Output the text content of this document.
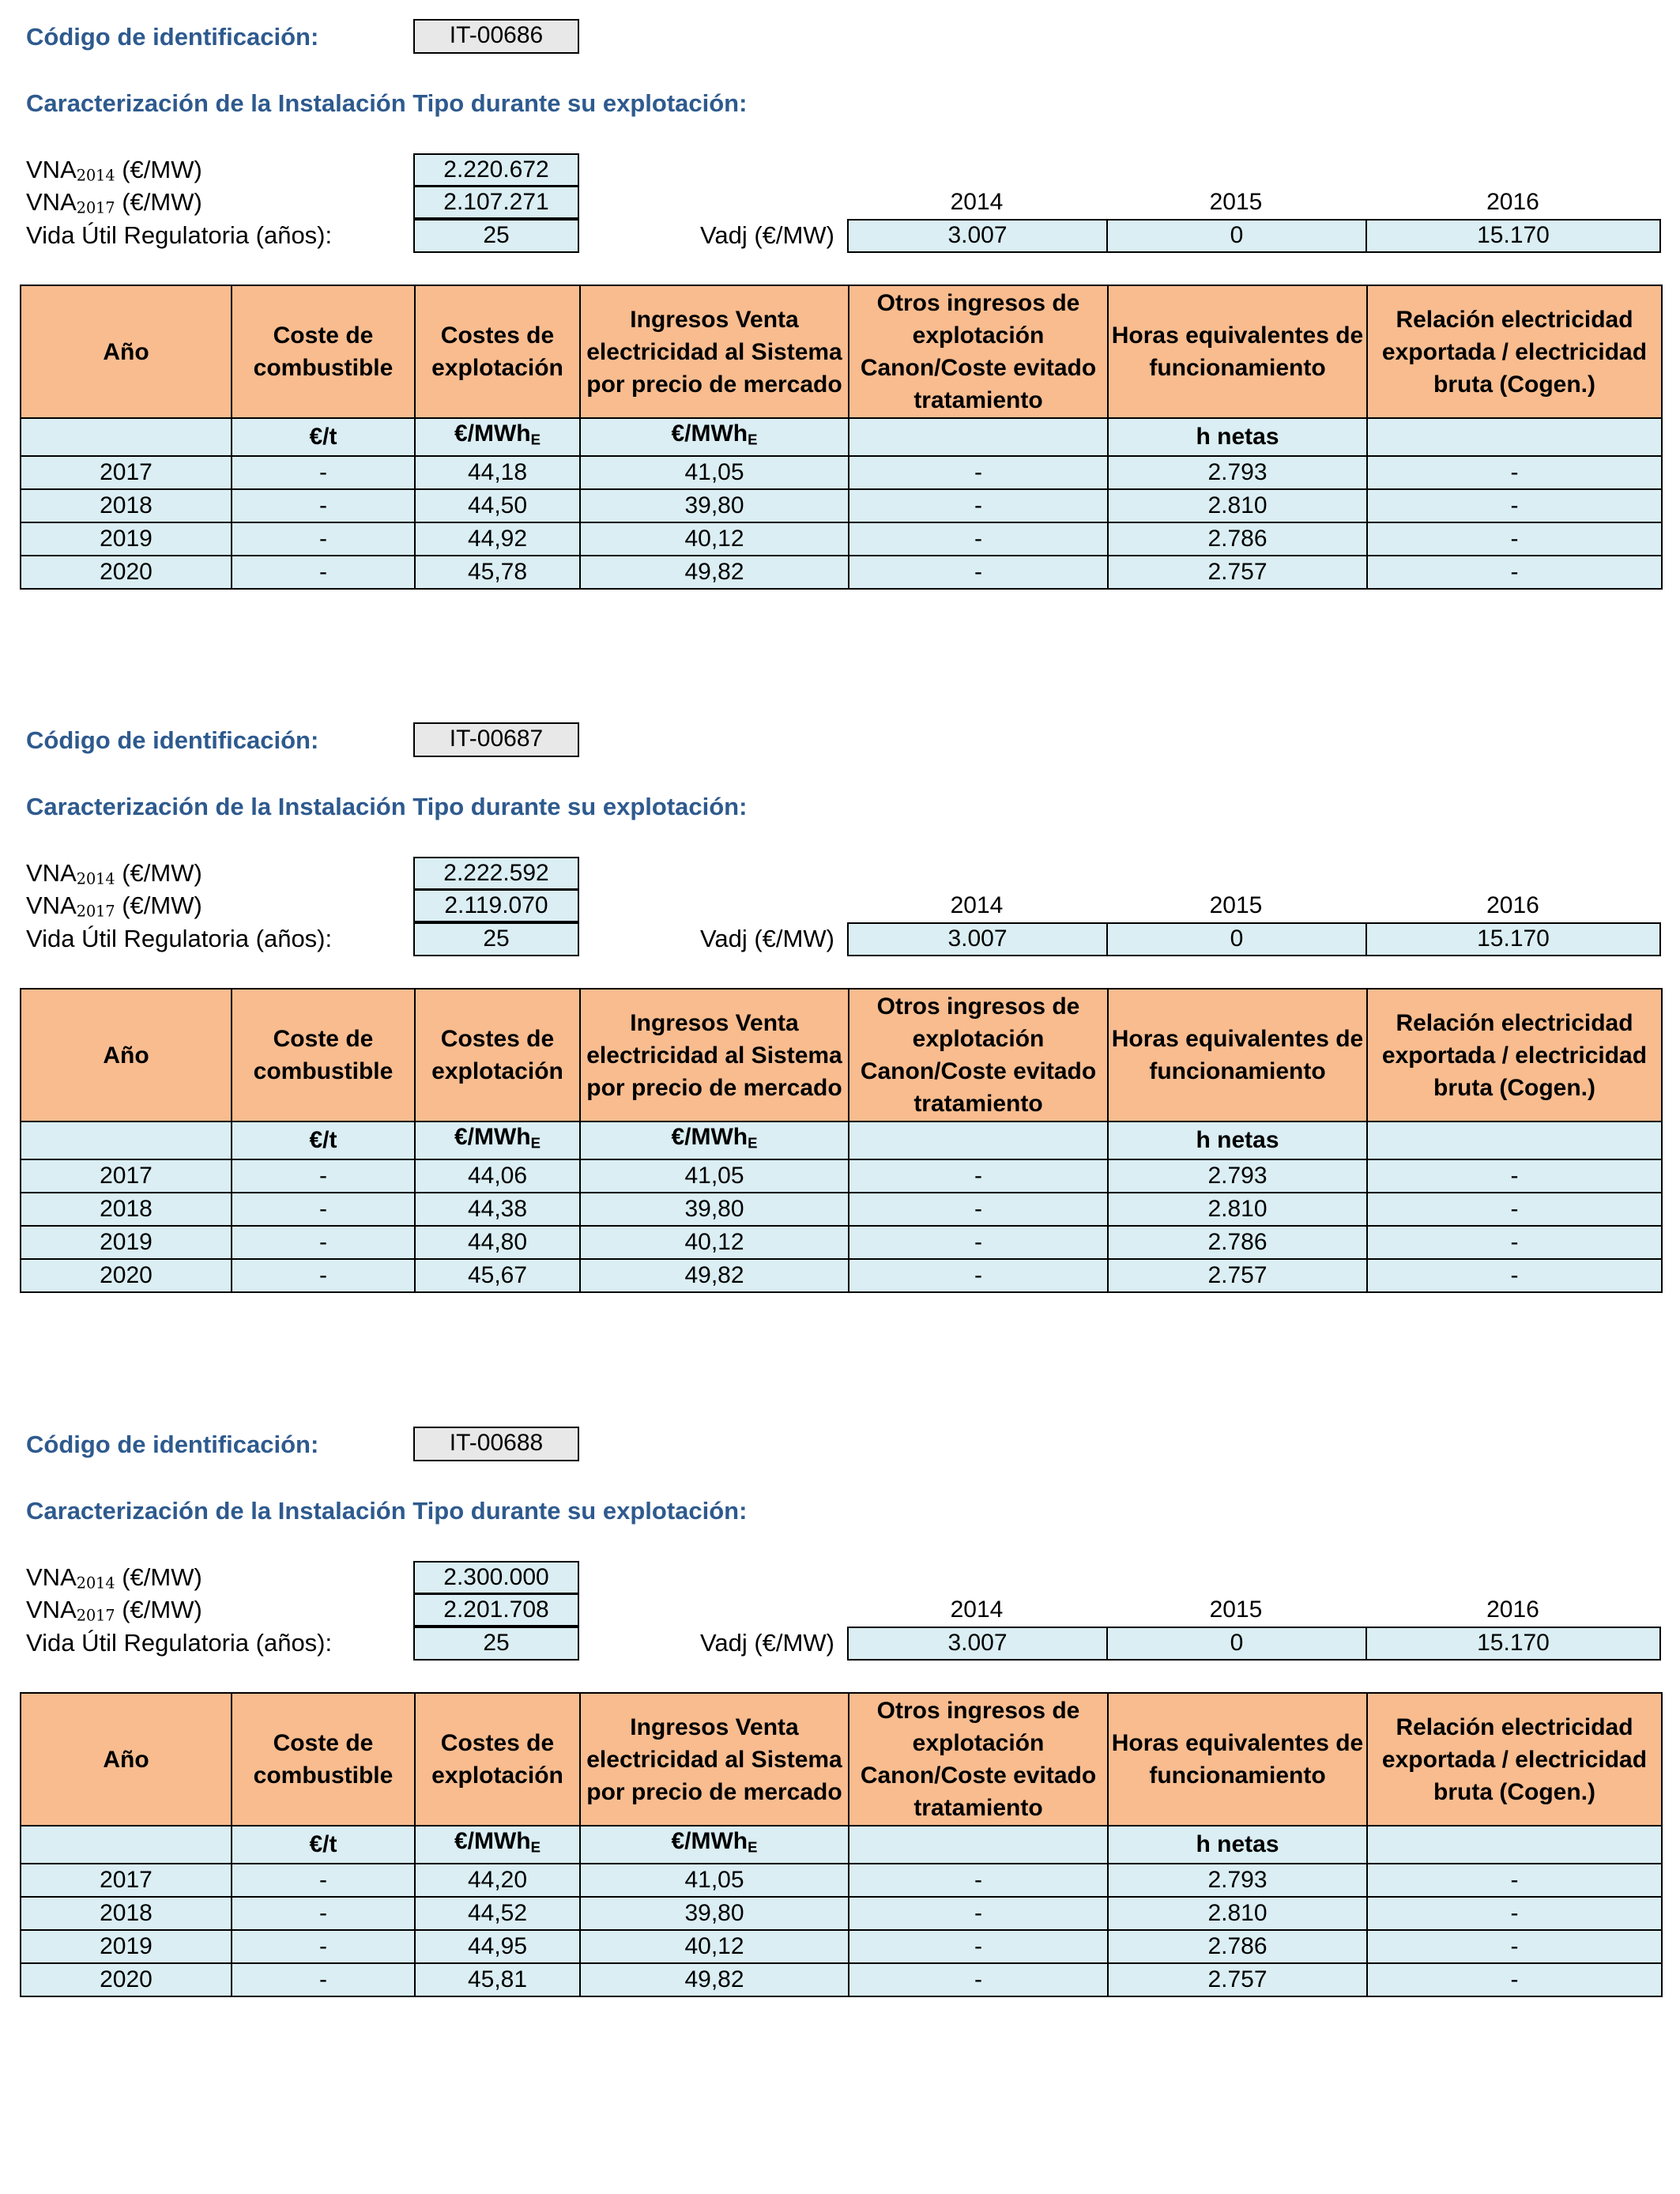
Código de identificación:	IT-00686
Caracterización de la Instalación Tipo durante su explotación:
VNA2014 (€/MW)	2.220.672
VNA2017 (€/MW)	2.107.271
Vida Útil Regulatoria (años):	25
2014	2015	2016
Vadj (€/MW)	3.007	0	15.170
Año	Coste de combustible	Costes de explotación	Ingresos Venta electricidad al Sistema por precio de mercado	Otros ingresos de explotación Canon/Coste evitado tratamiento	Horas equivalentes de funcionamiento	Relación electricidad exportada / electricidad bruta (Cogen.)
	€/t	€/MWhE	€/MWhE		h netas	
2017	-	44,18	41,05	-	2.793	-
2018	-	44,50	39,80	-	2.810	-
2019	-	44,92	40,12	-	2.786	-
2020	-	45,78	49,82	-	2.757	-
Código de identificación:	IT-00687
Caracterización de la Instalación Tipo durante su explotación:
VNA2014 (€/MW)	2.222.592
VNA2017 (€/MW)	2.119.070
Vida Útil Regulatoria (años):	25
2014	2015	2016
Vadj (€/MW)	3.007	0	15.170
Año	Coste de combustible	Costes de explotación	Ingresos Venta electricidad al Sistema por precio de mercado	Otros ingresos de explotación Canon/Coste evitado tratamiento	Horas equivalentes de funcionamiento	Relación electricidad exportada / electricidad bruta (Cogen.)
	€/t	€/MWhE	€/MWhE		h netas	
2017	-	44,06	41,05	-	2.793	-
2018	-	44,38	39,80	-	2.810	-
2019	-	44,80	40,12	-	2.786	-
2020	-	45,67	49,82	-	2.757	-
Código de identificación:	IT-00688
Caracterización de la Instalación Tipo durante su explotación:
VNA2014 (€/MW)	2.300.000
VNA2017 (€/MW)	2.201.708
Vida Útil Regulatoria (años):	25
2014	2015	2016
Vadj (€/MW)	3.007	0	15.170
Año	Coste de combustible	Costes de explotación	Ingresos Venta electricidad al Sistema por precio de mercado	Otros ingresos de explotación Canon/Coste evitado tratamiento	Horas equivalentes de funcionamiento	Relación electricidad exportada / electricidad bruta (Cogen.)
	€/t	€/MWhE	€/MWhE		h netas	
2017	-	44,20	41,05	-	2.793	-
2018	-	44,52	39,80	-	2.810	-
2019	-	44,95	40,12	-	2.786	-
2020	-	45,81	49,82	-	2.757	-
